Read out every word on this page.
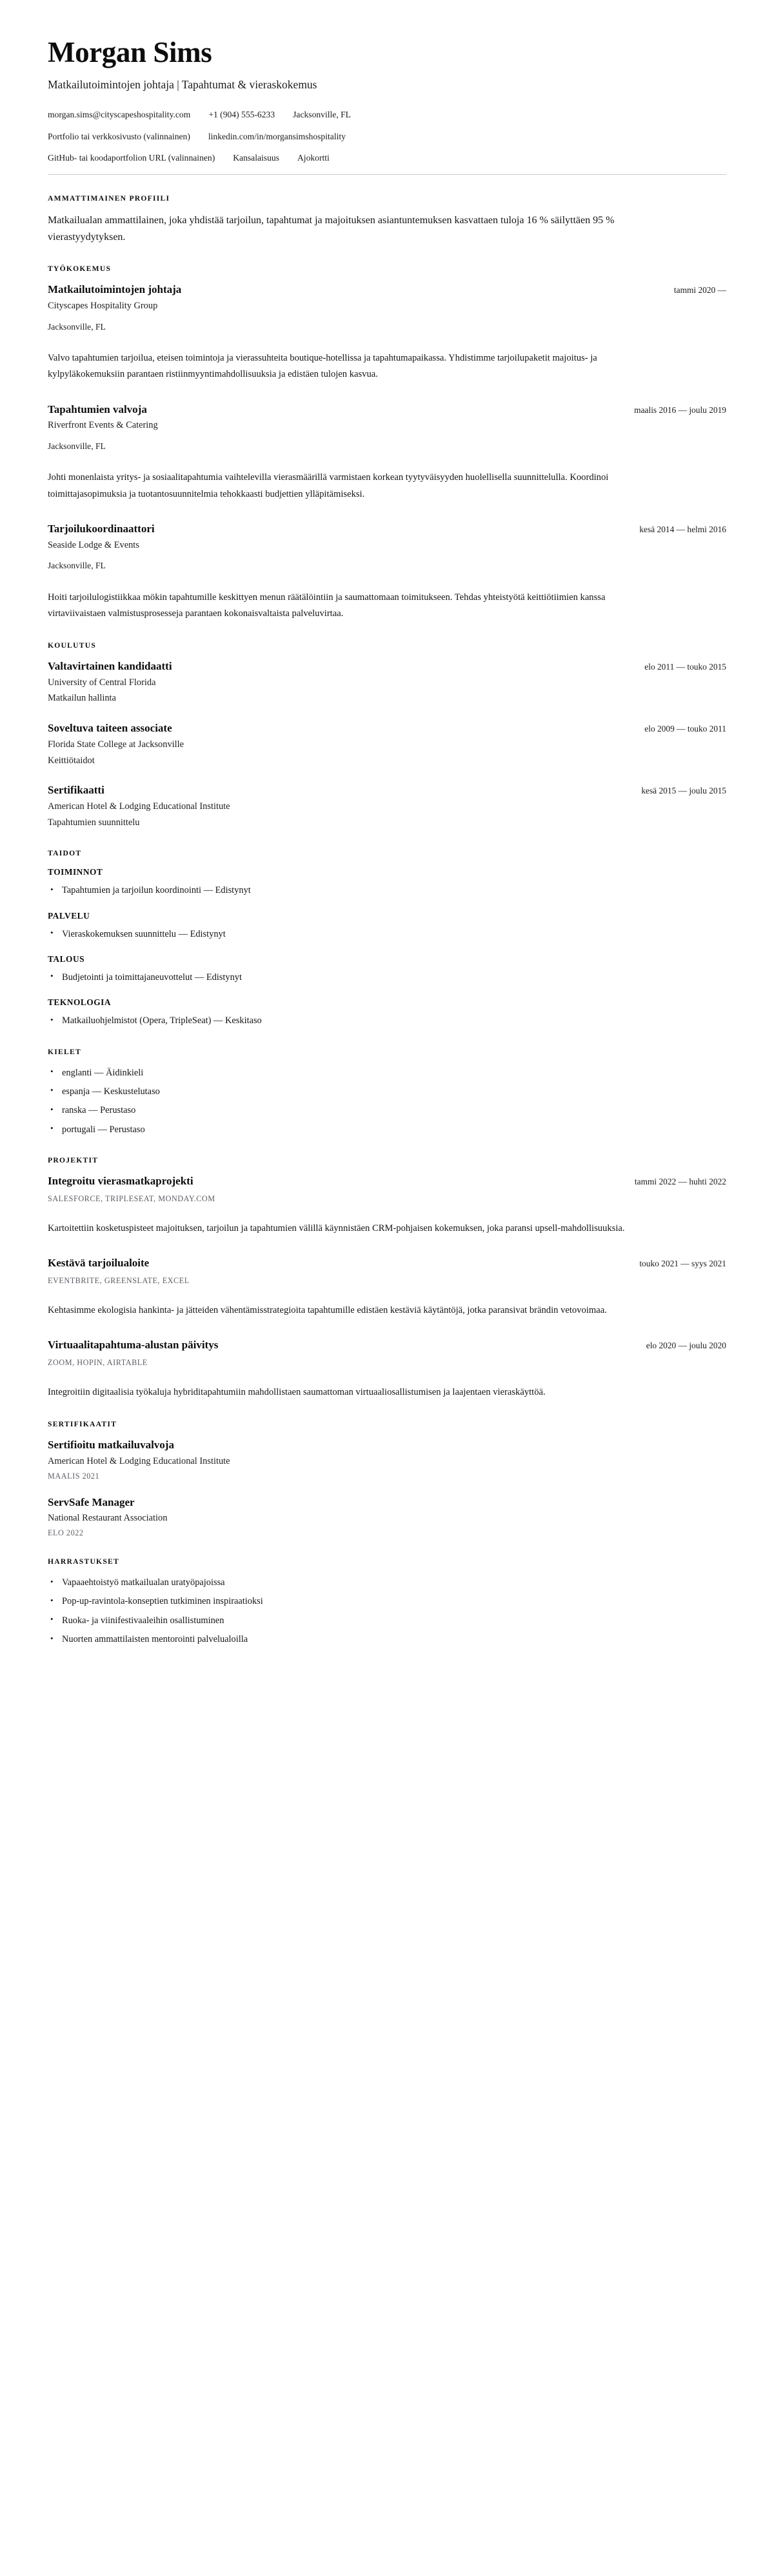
Morgan Sims
Matkailutoimintojen johtaja | Tapahtumat & vieraskokemus
morgan.sims@cityscapeshospitality.com +1 (904) 555-6233 Jacksonville, FL
Portfolio tai verkkosivusto (valinnainen) linkedin.com/in/morgansimshospitality
GitHub- tai koodaportfolion URL (valinnainen) Kansalaisuus Ajokortti
AMMATTIMAINEN PROFIILI

Matkailualan ammattilainen, joka yhdistää tarjoilun, tapahtumat ja majoituksen asiantuntemuksen kasvattaen tuloja 16 % säilyttäen 95 % vierastyydytyksen.

TYÖKOKEMUS
Matkailutoimintojen johtaja	tammi 2020 —
Cityscapes Hospitality Group
Jacksonville, FL
Valvo tapahtumien tarjoilua, eteisen toimintoja ja vierassuhteita boutique-hotellissa ja tapahtumapaikassa. Yhdistimme tarjoilupaketit majoitus- ja kylpyläkokemuksiin parantaen ristiinmyyntimahdollisuuksia ja edistäen tulojen kasvua.
Tapahtumien valvoja	maalis 2016 — joulu 2019
Riverfront Events & Catering
Jacksonville, FL
Johti monenlaista yritys- ja sosiaalitapahtumia vaihtelevilla vierasmäärillä varmistaen korkean tyytyväisyyden huolellisella suunnittelulla. Koordinoi toimittajasopimuksia ja tuotantosuunnitelmia tehokkaasti budjettien ylläpitämiseksi.
Tarjoilukoordinaattori	kesä 2014 — helmi 2016
Seaside Lodge & Events
Jacksonville, FL
Hoiti tarjoilulogistiikkaa mökin tapahtumille keskittyen menun räätälöintiin ja saumattomaan toimitukseen. Tehdas yhteistyötä keittiötiimien kanssa virtaviivaistaen valmistusprosesseja parantaen kokonaisvaltaista palveluvirtaa.
KOULUTUS
Valtavirtainen kandidaatti	elo 2011 — touko 2015
University of Central Florida
Matkailun hallinta
Soveltuva taiteen associate	elo 2009 — touko 2011
Florida State College at Jacksonville
Keittiötaidot
Sertifikaatti	kesä 2015 — joulu 2015
American Hotel & Lodging Educational Institute
Tapahtumien suunnittelu
TAIDOT
TOIMINNOT
• Tapahtumien ja tarjoilun koordinointi — Edistynyt
PALVELU
• Vieraskokemuksen suunnittelu — Edistynyt
TALOUS
• Budjetointi ja toimittajaneuvottelut — Edistynyt
TEKNOLOGIA
• Matkailuohjelmistot (Opera, TripleSeat) — Keskitaso
KIELET
• englanti — Äidinkieli
• espanja — Keskustelutaso
• ranska — Perustaso
• portugali — Perustaso
PROJEKTIT
Integroitu vierasmatkaprojekti	tammi 2022 — huhti 2022
SALESFORCE, TRIPLESEAT, MONDAY.COM
Kartoitettiin kosketuspisteet majoituksen, tarjoilun ja tapahtumien välillä käynnistäen CRM-pohjaisen kokemuksen, joka paransi upsell-mahdollisuuksia.
Kestävä tarjoilualoite	touko 2021 — syys 2021
EVENTBRITE, GREENSLATE, EXCEL
Kehtasimme ekologisia hankinta- ja jätteiden vähentämisstrategioita tapahtumille edistäen kestäviä käytäntöjä, jotka paransivat brändin vetovoimaa.
Virtuaalitapahtuma-alustan päivitys	elo 2020 — joulu 2020
ZOOM, HOPIN, AIRTABLE
Integroitiin digitaalisia työkaluja hybriditapahtumiin mahdollistaen saumattoman virtuaaliosallistumisen ja laajentaen vieraskäyttöä.
SERTIFIKAATIT
Sertifioitu matkailuvalvoja
American Hotel & Lodging Educational Institute
MAALIS 2021
ServSafe Manager
National Restaurant Association
ELO 2022
HARRASTUKSET
• Vapaaehtoistyö matkailualan uratyöpajoissa
• Pop-up-ravintola-konseptien tutkiminen inspiraatioksi
• Ruoka- ja viinifestivaaleihin osallistuminen
• Nuorten ammattilaisten mentorointi palvelualoilla
